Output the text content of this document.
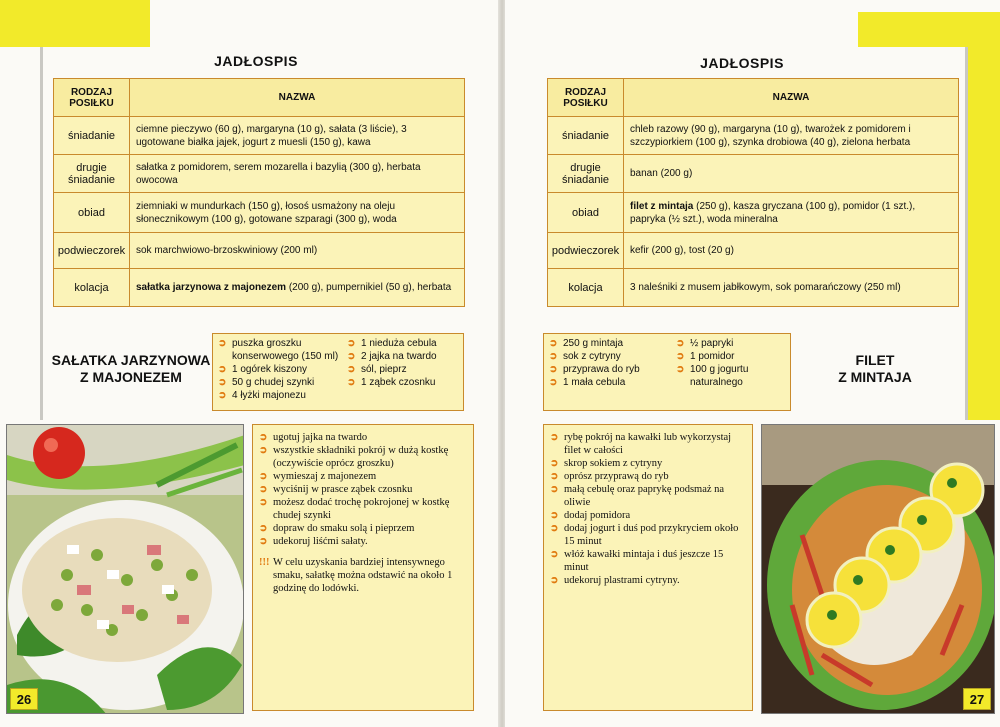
JADŁOSPIS
RODZAJ POSIŁKU	NAZWA
śniadanie	ciemne pieczywo (60 g), margaryna (10 g), sałata (3 liście), 3 ugotowane białka jajek, jogurt z muesli (150 g), kawa
drugie śniadanie	sałatka z pomidorem, serem mozarella i bazylią (300 g), herbata owocowa
obiad	ziemniaki w mundurkach (150 g), łosoś usmażony na oleju słonecznikowym (100 g), gotowane szparagi (300 g), woda
podwieczorek	sok marchwiowo-brzoskwiniowy (200 ml)
kolacja	sałatka jarzynowa z majonezem (200 g), pumpernikiel (50 g), herbata
SAŁATKA JARZYNOWA
Z MAJONEZEM
➲ puszka groszku konserwowego (150 ml)
➲ 1 ogórek kiszony
➲ 50 g chudej szynki
➲ 4 łyżki majonezu
➲ 1 nieduża cebula
➲ 2 jajka na twardo
➲ sól, pieprz
➲ 1 ząbek czosnku
➲ ugotuj jajka na twardo
➲ wszystkie składniki pokrój w dużą kostkę (oczywiście oprócz groszku)
➲ wymieszaj z majonezem
➲ wyciśnij w prasce ząbek czosnku
➲ możesz dodać trochę pokrojonej w kostkę chudej szynki
➲ dopraw do smaku solą i pieprzem
➲ udekoruj liśćmi sałaty.
!!! W celu uzyskania bardziej intensywnego smaku, sałatkę można odstawić na około 1 godzinę do lodówki.
26
JADŁOSPIS
RODZAJ POSIŁKU	NAZWA
śniadanie	chleb razowy (90 g), margaryna (10 g), twarożek z pomidorem i szczypiorkiem (100 g), szynka drobiowa (40 g), zielona herbata
drugie śniadanie	banan (200 g)
obiad	filet z mintaja (250 g), kasza gryczana (100 g), pomidor (1 szt.), papryka (½ szt.), woda mineralna
podwieczorek	kefir (200 g), tost (20 g)
kolacja	3 naleśniki z musem jabłkowym, sok pomarańczowy (250 ml)
➲ 250 g mintaja
➲ sok z cytryny
➲ przyprawa do ryb
➲ 1 mała cebula
➲ ½ papryki
➲ 1 pomidor
➲ 100 g jogurtu naturalnego
FILET
Z MINTAJA
➲ rybę pokrój na kawałki lub wykorzystaj filet w całości
➲ skrop sokiem z cytryny
➲ oprósz przyprawą do ryb
➲ małą cebulę oraz paprykę podsmaż na oliwie
➲ dodaj pomidora
➲ dodaj jogurt i duś pod przykryciem około 15 minut
➲ włóż kawałki mintaja i duś jeszcze 15 minut
➲ udekoruj plastrami cytryny.
27
